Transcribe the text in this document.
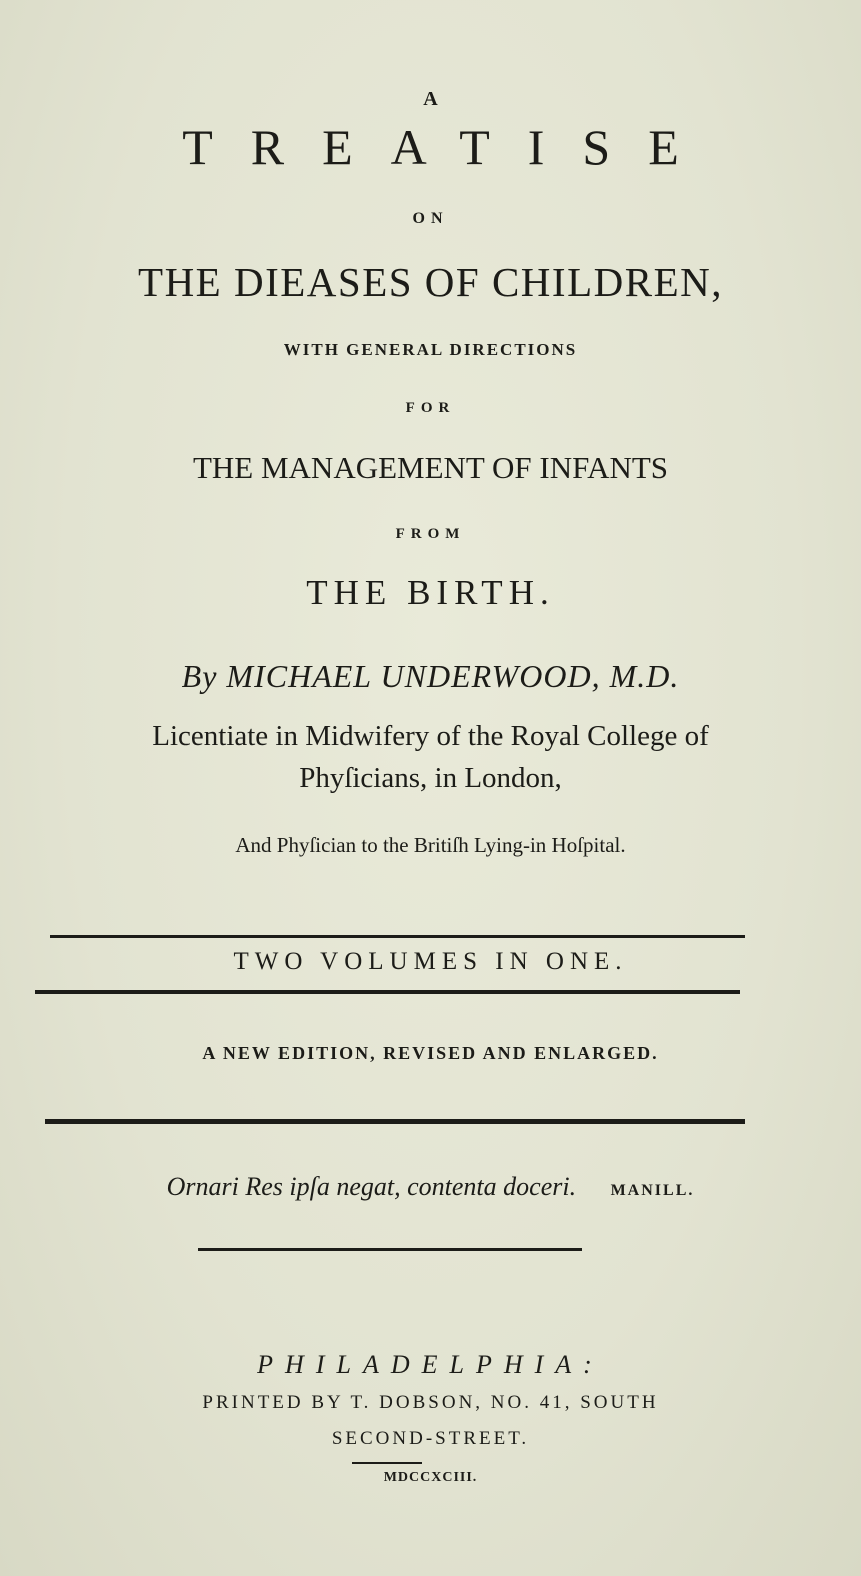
A
TREATISE
ON
THE DIEASES OF CHILDREN,
WITH GENERAL DIRECTIONS
FOR
THE MANAGEMENT OF INFANTS
FROM
THE BIRTH.
By MICHAEL UNDERWOOD, M.D.
Licentiate in Midwifery of the Royal College of
Phyſicians, in London,
And Phyſician to the Britiſh Lying-in Hoſpital.
TWO VOLUMES IN ONE.
A NEW EDITION, REVISED AND ENLARGED.
Ornari Res ipſa negat, contenta doceri. MANILL.
PHILADELPHIA:
PRINTED BY T. DOBSON, NO. 41, SOUTH
SECOND-STREET.
MDCCXCIII.
